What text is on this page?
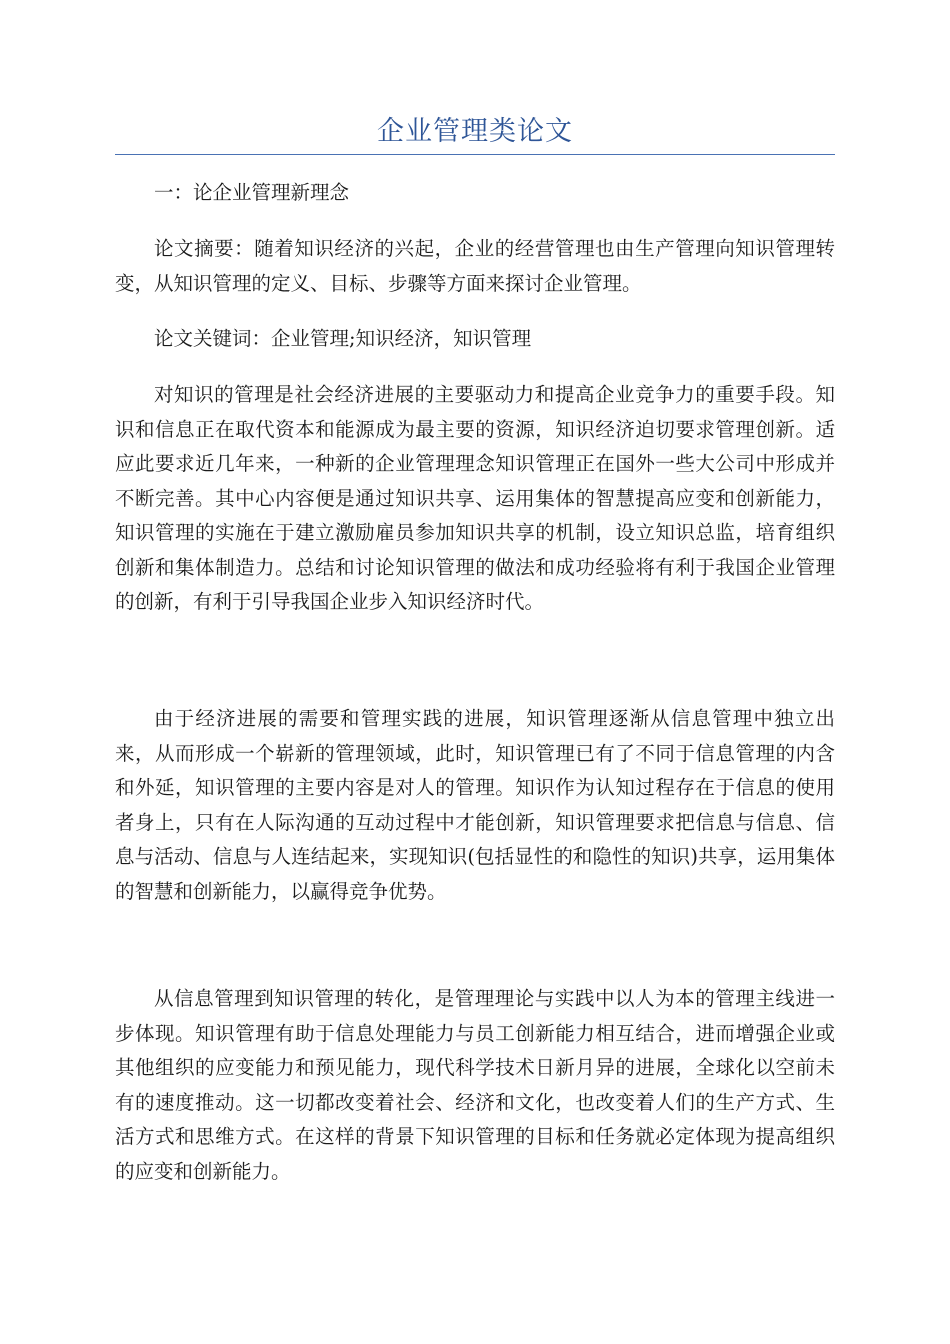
企业管理类论文

一：论企业管理新理念

论文摘要：随着知识经济的兴起，企业的经营管理也由生产管理向知识管理转变，从知识管理的定义、目标、步骤等方面来探讨企业管理。

论文关键词：企业管理;知识经济，知识管理

对知识的管理是社会经济进展的主要驱动力和提高企业竞争力的重要手段。知识和信息正在取代资本和能源成为最主要的资源，知识经济迫切要求管理创新。适应此要求近几年来，一种新的企业管理理念知识管理正在国外一些大公司中形成并不断完善。其中心内容便是通过知识共享、运用集体的智慧提高应变和创新能力，知识管理的实施在于建立激励雇员参加知识共享的机制，设立知识总监，培育组织创新和集体制造力。总结和讨论知识管理的做法和成功经验将有利于我国企业管理的创新，有利于引导我国企业步入知识经济时代。

由于经济进展的需要和管理实践的进展，知识管理逐渐从信息管理中独立出来，从而形成一个崭新的管理领域，此时，知识管理已有了不同于信息管理的内含和外延，知识管理的主要内容是对人的管理。知识作为认知过程存在于信息的使用者身上，只有在人际沟通的互动过程中才能创新，知识管理要求把信息与信息、信息与活动、信息与人连结起来，实现知识(包括显性的和隐性的知识)共享，运用集体的智慧和创新能力，以赢得竞争优势。

从信息管理到知识管理的转化，是管理理论与实践中以人为本的管理主线进一步体现。知识管理有助于信息处理能力与员工创新能力相互结合，进而增强企业或其他组织的应变能力和预见能力，现代科学技术日新月异的进展，全球化以空前未有的速度推动。这一切都改变着社会、经济和文化，也改变着人们的生产方式、生活方式和思维方式。在这样的背景下知识管理的目标和任务就必定体现为提高组织的应变和创新能力。
